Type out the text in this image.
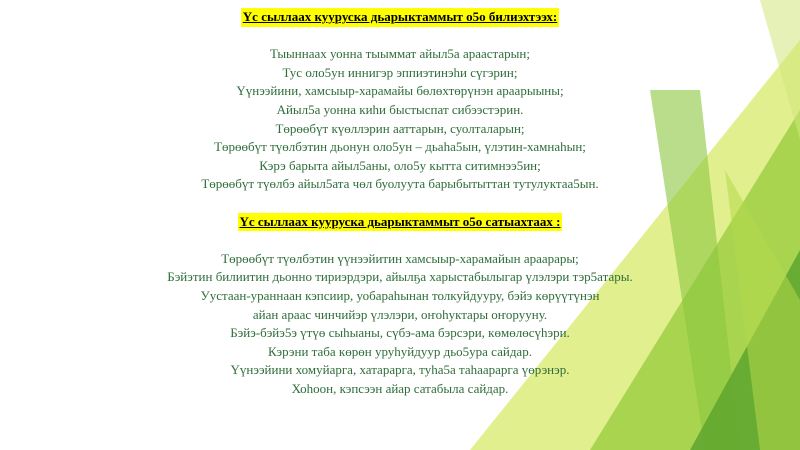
Үс сыллаах кууруска дьарыктаммыт о5о билиэхтээх:
Тыыннаах уонна тыыммат айыл5а араастарын;
Тус оло5ун иннигэр эппиэтинэһи сүгэрин;
Үүнээйини, хамсыыр-харамайы бөлөхтөрүнэн араарыыны;
Айыл5а уонна киһи быстыспат сибээстэрин.
Төрөөбүт күөллэрин ааттарын, суолталарын;
Төрөөбүт түөлбэтин дьонун оло5ун – дьаһа5ын, үлэтин-хамнаһын;
Кэрэ барыта айыл5аны, оло5у кытта ситимнээ5ин;
Төрөөбүт түөлбэ айыл5ата чөл буолуута барыбытыттан тутулуктаа5ын.
Үс сыллаах кууруска дьарыктаммыт о5о сатыахтаах :
Төрөөбүт түөлбэтин үүнээйитин хамсыыр-харамайын араарары;
Бэйэтин билиитин дьонно тириэрдэри, айылҕа харыстабылыгар үлэлэри тэр5атары.
Уустаан-ураннаан кэпсиир, уобараһынан толкуйдууру, бэйэ көрүүтүнэн
айан араас чинчийэр үлэлэри, оҥоһуктары оҥорууну.
Бэйэ-бэйэ5э үтүө сыһыаны, сүбэ-ама бэрсэри, көмөлөсүһэри.
Кэрэни таба көрөн уруһуйдуур дьо5ура сайдар.
Үүнээйини хомуйарга, хатарарга, туһа5а таһаарарга үөрэнэр.
Хоһоон, кэпсээн айар сатабыла сайдар.
